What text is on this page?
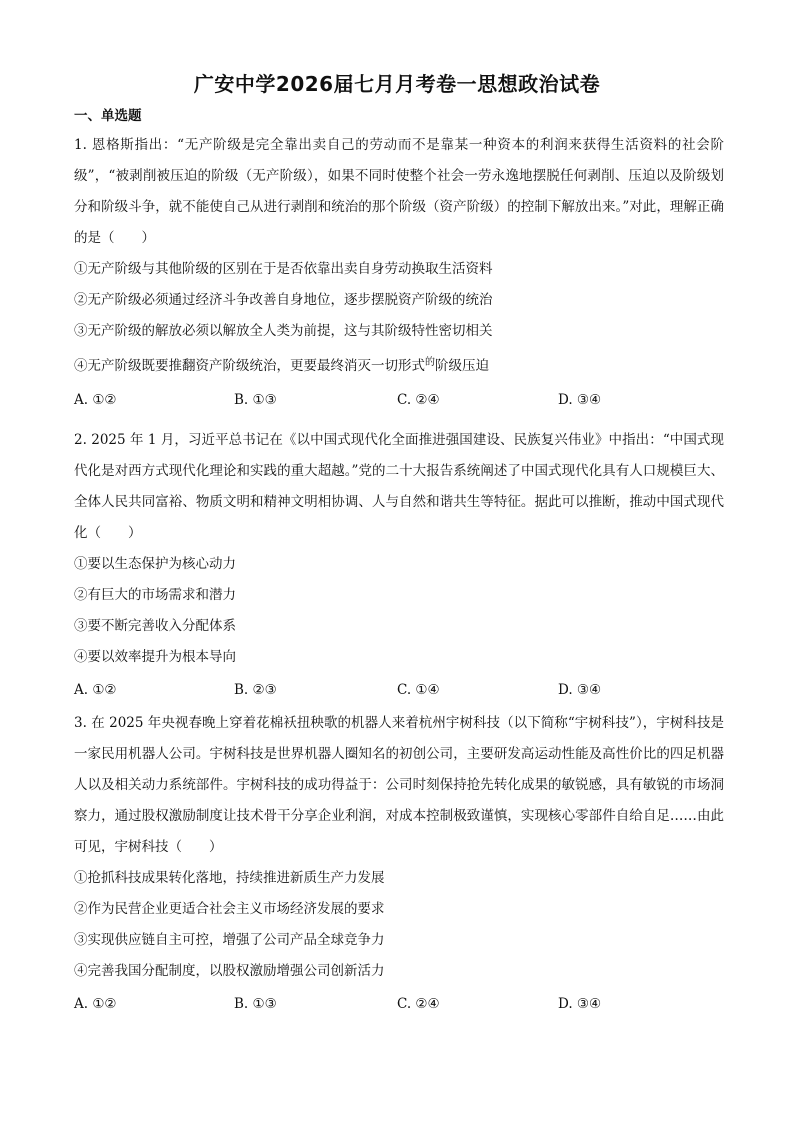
广安中学2026届七月月考卷一思想政治试卷
一、单选题
1. 恩格斯指出：“无产阶级是完全靠出卖自己的劳动而不是靠某一种资本的利润来获得生活资料的社会阶级”，“被剥削被压迫的阶级（无产阶级），如果不同时使整个社会一劳永逸地摆脱任何剥削、压迫以及阶级划分和阶级斗争，就不能使自己从进行剥削和统治的那个阶级（资产阶级）的控制下解放出来。”对此，理解正确的是（　　）
①无产阶级与其他阶级的区别在于是否依靠出卖自身劳动换取生活资料
②无产阶级必须通过经济斗争改善自身地位，逐步摆脱资产阶级的统治
③无产阶级的解放必须以解放全人类为前提，这与其阶级特性密切相关
④无产阶级既要推翻资产阶级统治，更要最终消灭一切形式$^的$阶级压迫
A. ①②	B. ①③	C. ②④	D. ③④
2. 2025 年 1 月，习近平总书记在《以中国式现代化全面推进强国建设、民族复兴伟业》中指出：“中国式现代化是对西方式现代化理论和实践的重大超越。”党的二十大报告系统阐述了中国式现代化具有人口规模巨大、全体人民共同富裕、物质文明和精神文明相协调、人与自然和谐共生等特征。据此可以推断，推动中国式现代化（　　）
①要以生态保护为核心动力
②有巨大的市场需求和潜力
③要不断完善收入分配体系
④要以效率提升为根本导向
A. ①②	B. ②③	C. ①④	D. ③④
3. 在 2025 年央视春晚上穿着花棉袄扭秧歌的机器人来着杭州宇树科技（以下简称“宇树科技”），宇树科技是一家民用机器人公司。宇树科技是世界机器人圈知名的初创公司，主要研发高运动性能及高性价比的四足机器人以及相关动力系统部件。宇树科技的成功得益于：公司时刻保持抢先转化成果的敏锐感，具有敏锐的市场洞察力，通过股权激励制度让技术骨干分享企业利润，对成本控制极致谨慎，实现核心零部件自给自足……由此可见，宇树科技（　　）
①抢抓科技成果转化落地，持续推进新质生产力发展
②作为民营企业更适合社会主义市场经济发展的要求
③实现供应链自主可控，增强了公司产品全球竞争力
④完善我国分配制度，以股权激励增强公司创新活力
A. ①②	B. ①③	C. ②④	D. ③④
